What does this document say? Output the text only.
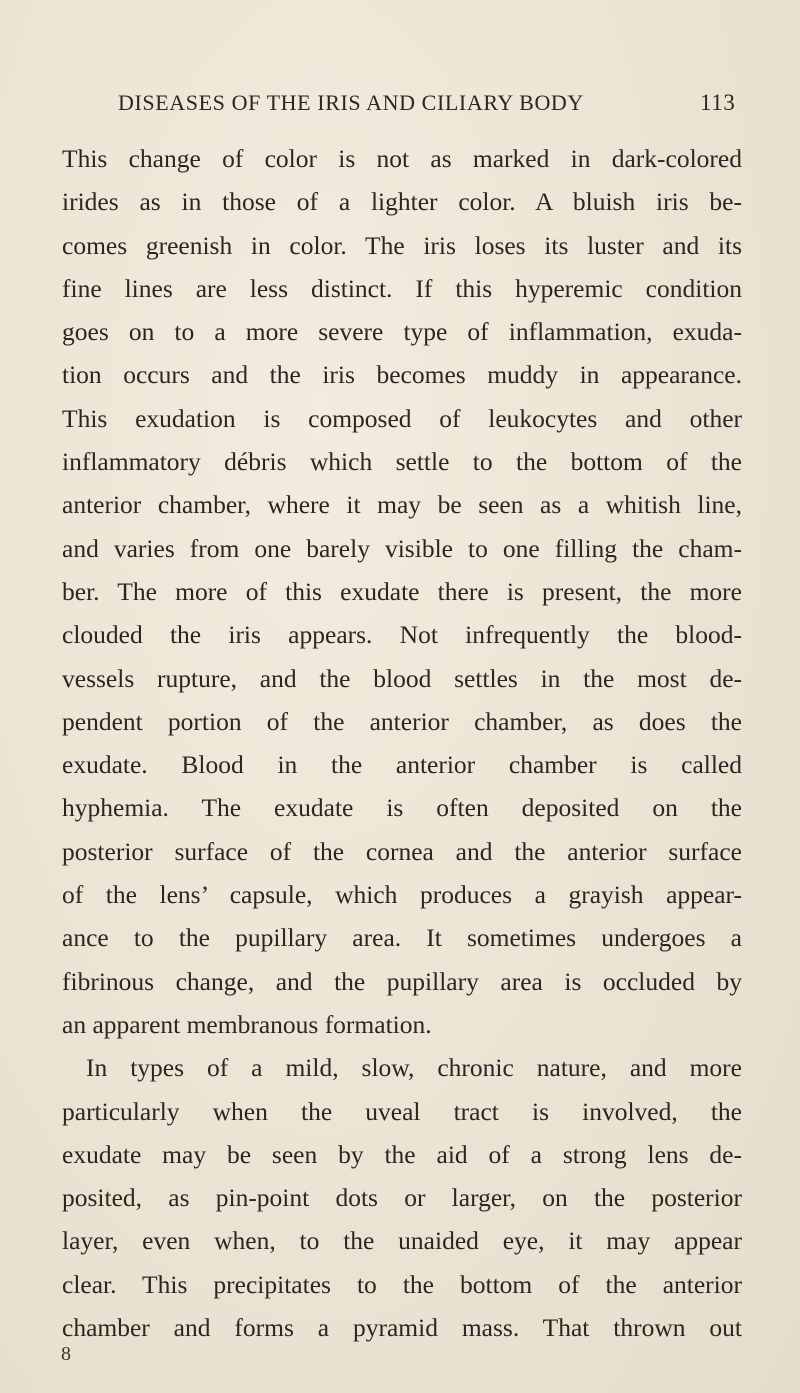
DISEASES OF THE IRIS AND CILIARY BODY	113
This change of color is not as marked in dark-colored
irides as in those of a lighter color. A bluish iris be-
comes greenish in color. The iris loses its luster and its
fine lines are less distinct. If this hyperemic condition
goes on to a more severe type of inflammation, exuda-
tion occurs and the iris becomes muddy in appearance.
This exudation is composed of leukocytes and other
inflammatory débris which settle to the bottom of the
anterior chamber, where it may be seen as a whitish line,
and varies from one barely visible to one filling the cham-
ber. The more of this exudate there is present, the more
clouded the iris appears. Not infrequently the blood-
vessels rupture, and the blood settles in the most de-
pendent portion of the anterior chamber, as does the
exudate. Blood in the anterior chamber is called
hyphemia. The exudate is often deposited on the
posterior surface of the cornea and the anterior surface
of the lens’ capsule, which produces a grayish appear-
ance to the pupillary area. It sometimes undergoes a
fibrinous change, and the pupillary area is occluded by
an apparent membranous formation.
In types of a mild, slow, chronic nature, and more
particularly when the uveal tract is involved, the
exudate may be seen by the aid of a strong lens de-
posited, as pin-point dots or larger, on the posterior
layer, even when, to the unaided eye, it may appear
clear. This precipitates to the bottom of the anterior
chamber and forms a pyramid mass. That thrown out
8
